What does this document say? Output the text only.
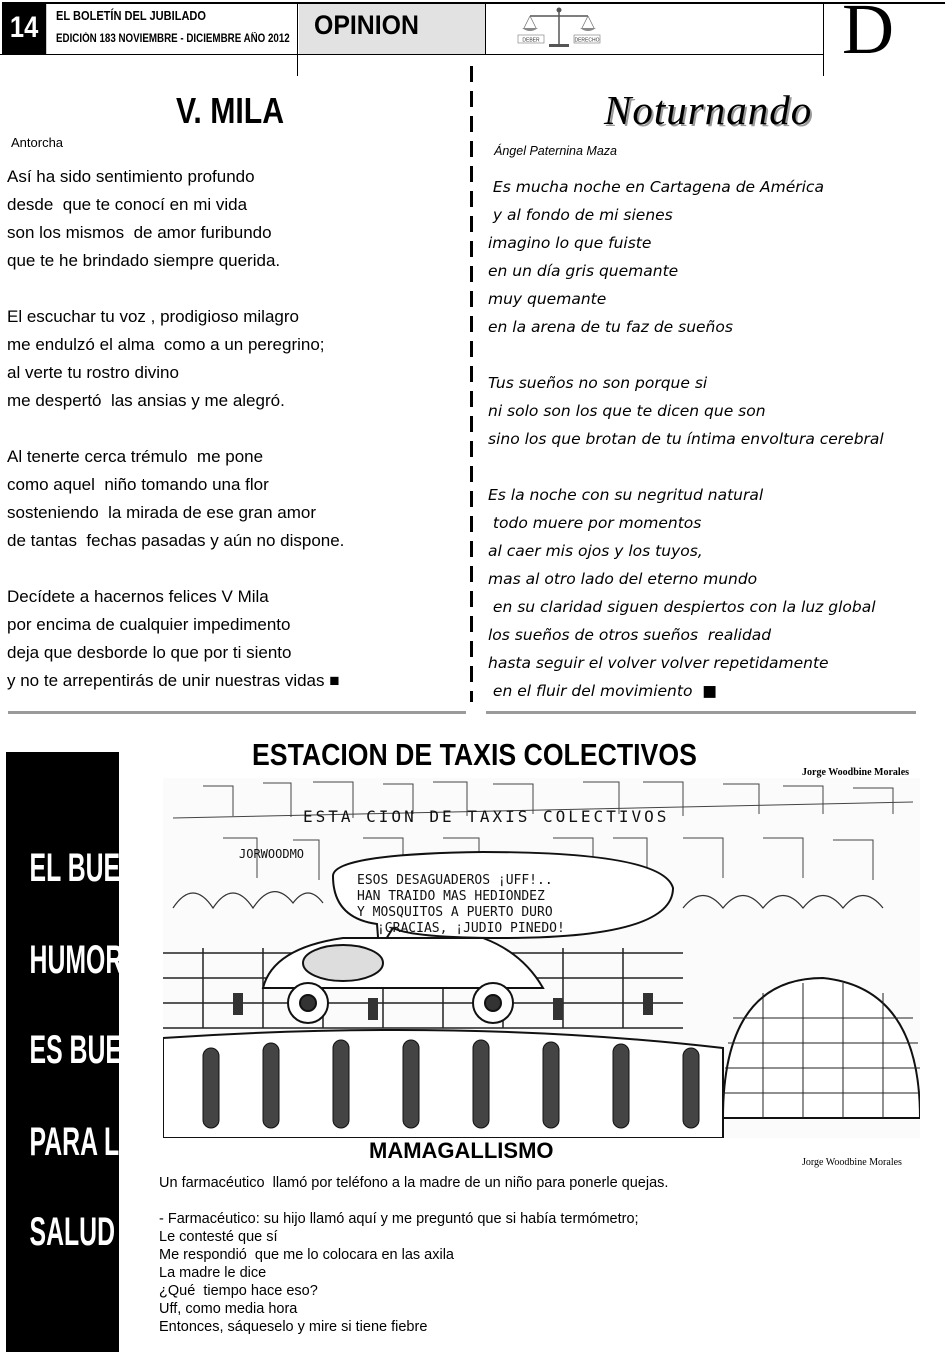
14	EL BOLETÍN DEL JUBILADO
EDICIÓN 183 NOVIEMBRE - DICIEMBRE AÑO 2012 OPINION
DEBER	DERECHO	D
V. MILA
Antorcha
Así ha sido sentimiento profundo
desde  que te conocí en mi vida
son los mismos  de amor furibundo
que te he brindado siempre querida.

El escuchar tu voz , prodigioso milagro
me endulzó el alma  como a un peregrino;
al verte tu rostro divino
me despertó  las ansias y me alegró.

Al tenerte cerca trémulo  me pone
como aquel  niño tomando una flor
sosteniendo  la mirada de ese gran amor
de tantas  fechas pasadas y aún no dispone.

Decídete a hacernos felices V Mila
por encima de cualquier impedimento
deja que desborde lo que por ti siento
y no te arrepentirás de unir nuestras vidas ■
Noturnando
Ángel Paternina Maza
Es mucha noche en Cartagena de América
y al fondo de mi sienes
imagino lo que fuiste
en un día gris quemante
muy quemante
en la arena de tu faz de sueños

Tus sueños no son porque si
ni solo son los que te dicen que son
sino los que brotan de tu íntima envoltura cerebral

Es la noche con su negritud natural
todo muere por momentos
al caer mis ojos y los tuyos,
mas al otro lado del eterno mundo
en su claridad siguen despiertos con la luz global
los sueños de otros sueños  realidad
hasta seguir el volver volver repetidamente
en el fluir del movimiento  ■
EL BUEN
HUMOR
ES BUENO
PARA LA
SALUD
ESTACION DE TAXIS COLECTIVOS
Jorge Woodbine Morales
ESTA CION DE TAXIS COLECTIVOS
JORWOODMO
ESOS DESAGUADEROS ¡UFF!..
HAN TRAIDO MAS HEDIONDEZ
Y MOSQUITOS A PUERTO DURO
¡GRACIAS, ¡JUDIO PINEDO!
MAMAGALLISMO	Jorge Woodbine Morales
Un farmacéutico  llamó por teléfono a la madre de un niño para ponerle quejas.

- Farmacéutico: su hijo llamó aquí y me preguntó que si había termómetro;
Le contesté que sí
Me respondió  que me lo colocara en las axila
La madre le dice
¿Qué  tiempo hace eso?
Uff, como media hora
Entonces, sáqueselo y mire si tiene fiebre
